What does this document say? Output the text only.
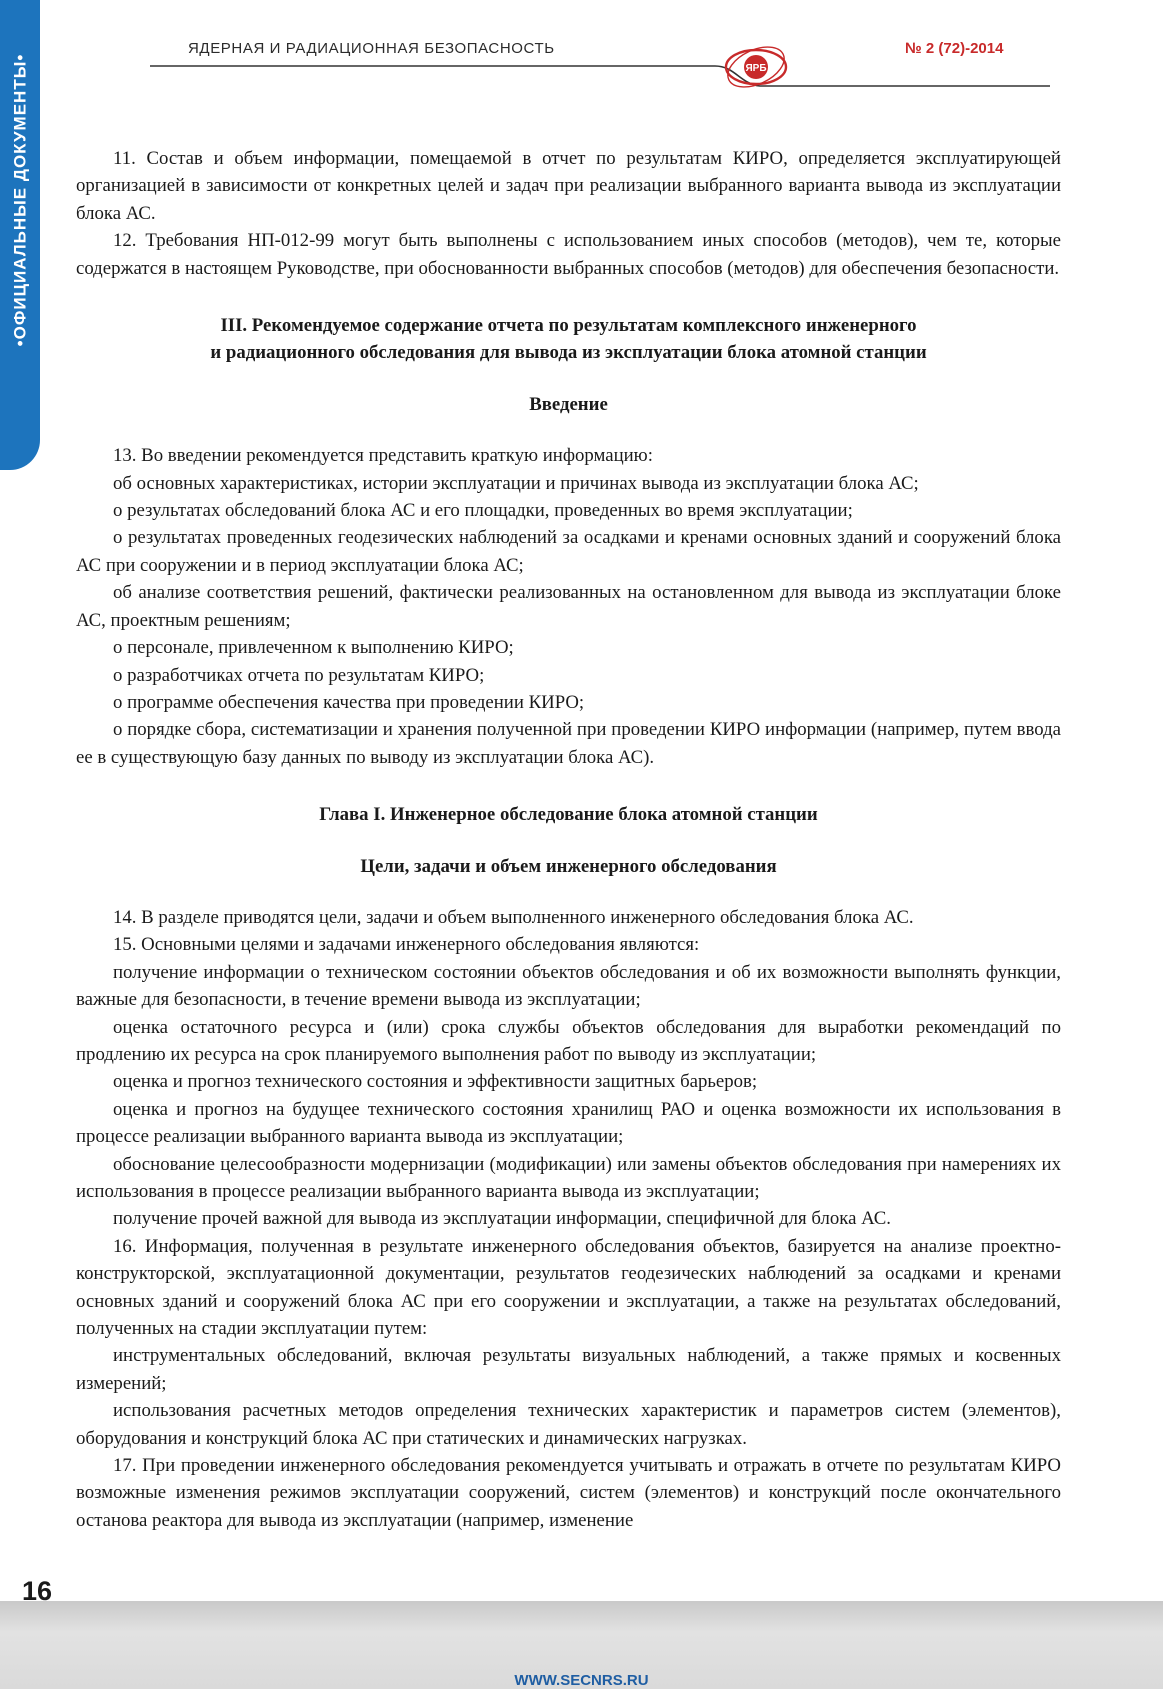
•ОФИЦИАЛЬНЫЕ ДОКУМЕНТЫ•
ЯДЕРНАЯ И РАДИАЦИОННАЯ БЕЗОПАСНОСТЬ
ЯРБ
№ 2 (72)-2014

11. Состав и объем информации, помещаемой в отчет по результатам КИРО, определяется эксплуатирующей организацией в зависимости от конкретных целей и задач при реализации выбранного варианта вывода из эксплуатации блока АС.

12. Требования НП-012-99 могут быть выполнены с использованием иных способов (методов), чем те, которые содержатся в настоящем Руководстве, при обоснованности выбранных способов (методов) для обеспечения безопасности.

III. Рекомендуемое содержание отчета по результатам комплексного инженерного

и радиационного обследования для вывода из эксплуатации блока атомной станции

Введение

13. Во введении рекомендуется представить краткую информацию:

об основных характеристиках, истории эксплуатации и причинах вывода из эксплуатации блока АС;

о результатах обследований блока АС и его площадки, проведенных во время эксплуатации;

о результатах проведенных геодезических наблюдений за осадками и кренами основных зданий и сооружений блока АС при сооружении и в период эксплуатации блока АС;

об анализе соответствия решений, фактически реализованных на остановленном для вывода из эксплуатации блоке АС, проектным решениям;

о персонале, привлеченном к выполнению КИРО;

о разработчиках отчета по результатам КИРО;

о программе обеспечения качества при проведении КИРО;

о порядке сбора, систематизации и хранения полученной при проведении КИРО информации (например, путем ввода ее в существующую базу данных по выводу из эксплуатации блока АС).

Глава I. Инженерное обследование блока атомной станции

Цели, задачи и объем инженерного обследования

14. В разделе приводятся цели, задачи и объем выполненного инженерного обследования блока АС.

15. Основными целями и задачами инженерного обследования являются:

получение информации о техническом состоянии объектов обследования и об их возможности выполнять функции, важные для безопасности, в течение времени вывода из эксплуатации;

оценка остаточного ресурса и (или) срока службы объектов обследования для выработки рекомендаций по продлению их ресурса на срок планируемого выполнения работ по выводу из эксплуатации;

оценка и прогноз технического состояния и эффективности защитных барьеров;

оценка и прогноз на будущее технического состояния хранилищ РАО и оценка возможности их использования в процессе реализации выбранного варианта вывода из эксплуатации;

обоснование целесообразности модернизации (модификации) или замены объектов обследования при намерениях их использования в процессе реализации выбранного варианта вывода из эксплуатации;

получение прочей важной для вывода из эксплуатации информации, специфичной для блока АС.

16. Информация, полученная в результате инженерного обследования объектов, базируется на анализе проектно-конструкторской, эксплуатационной документации, результатов геодезических наблюдений за осадками и кренами основных зданий и сооружений блока АС при его сооружении и эксплуатации, а также на результатах обследований, полученных на стадии эксплуатации путем:

инструментальных обследований, включая результаты визуальных наблюдений, а также прямых и косвенных измерений;

использования расчетных методов определения технических характеристик и параметров систем (элементов), оборудования и конструкций блока АС при статических и динамических нагрузках.

17. При проведении инженерного обследования рекомендуется учитывать и отражать в отчете по результатам КИРО возможные изменения режимов эксплуатации сооружений, систем (элементов) и конструкций после окончательного останова реактора для вывода из эксплуатации (например, изменение

16
WWW.SECNRS.RU
